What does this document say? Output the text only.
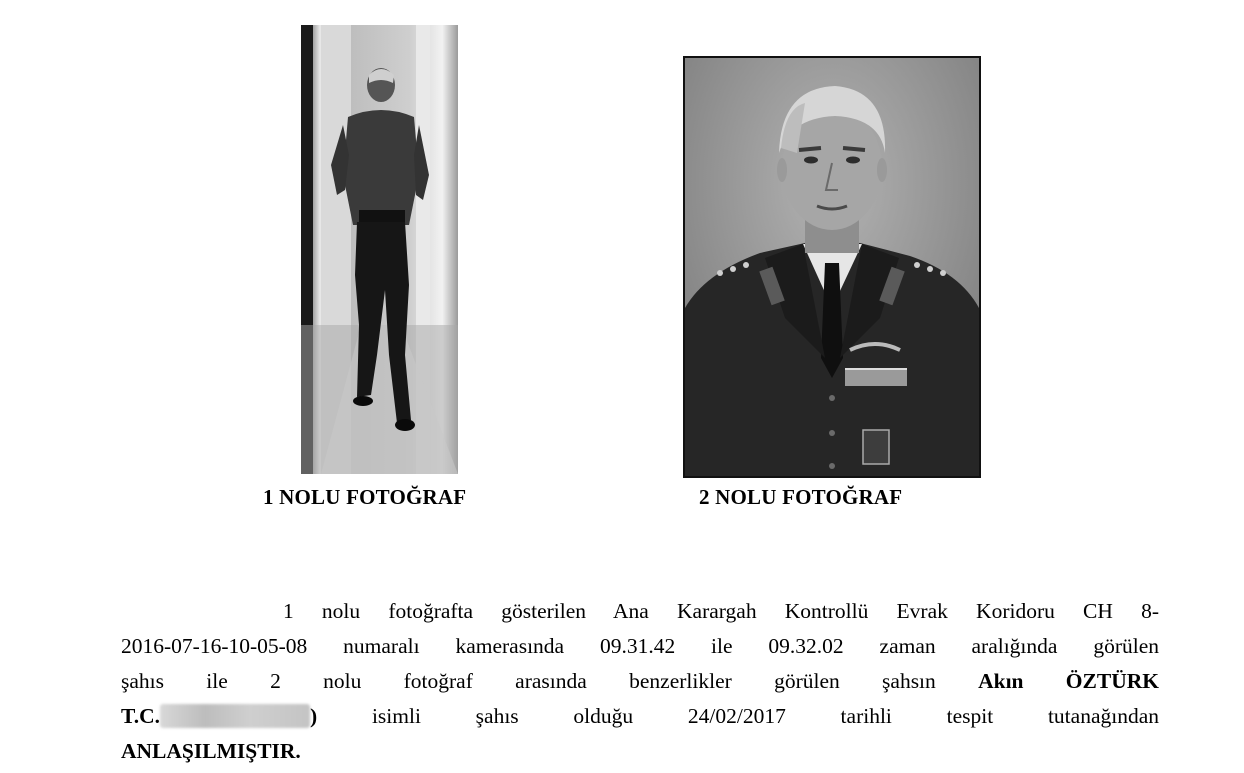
1 NOLU FOTOĞRAF	2 NOLU FOTOĞRAF
1 nolu fotoğrafta gösterilen Ana Karargah Kontrollü Evrak Koridoru CH 8-
2016-07-16-10-05-08 numaralı kamerasında 09.31.42 ile 09.32.02 zaman aralığında görülen
şahıs ile 2 nolu fotoğraf arasında benzerlikler görülen şahsın Akın ÖZTÜRK
T.C.	)	isimli şahıs olduğu 24/02/2017 tarihli tespit tutanağından
ANLAŞILMIŞTIR.
